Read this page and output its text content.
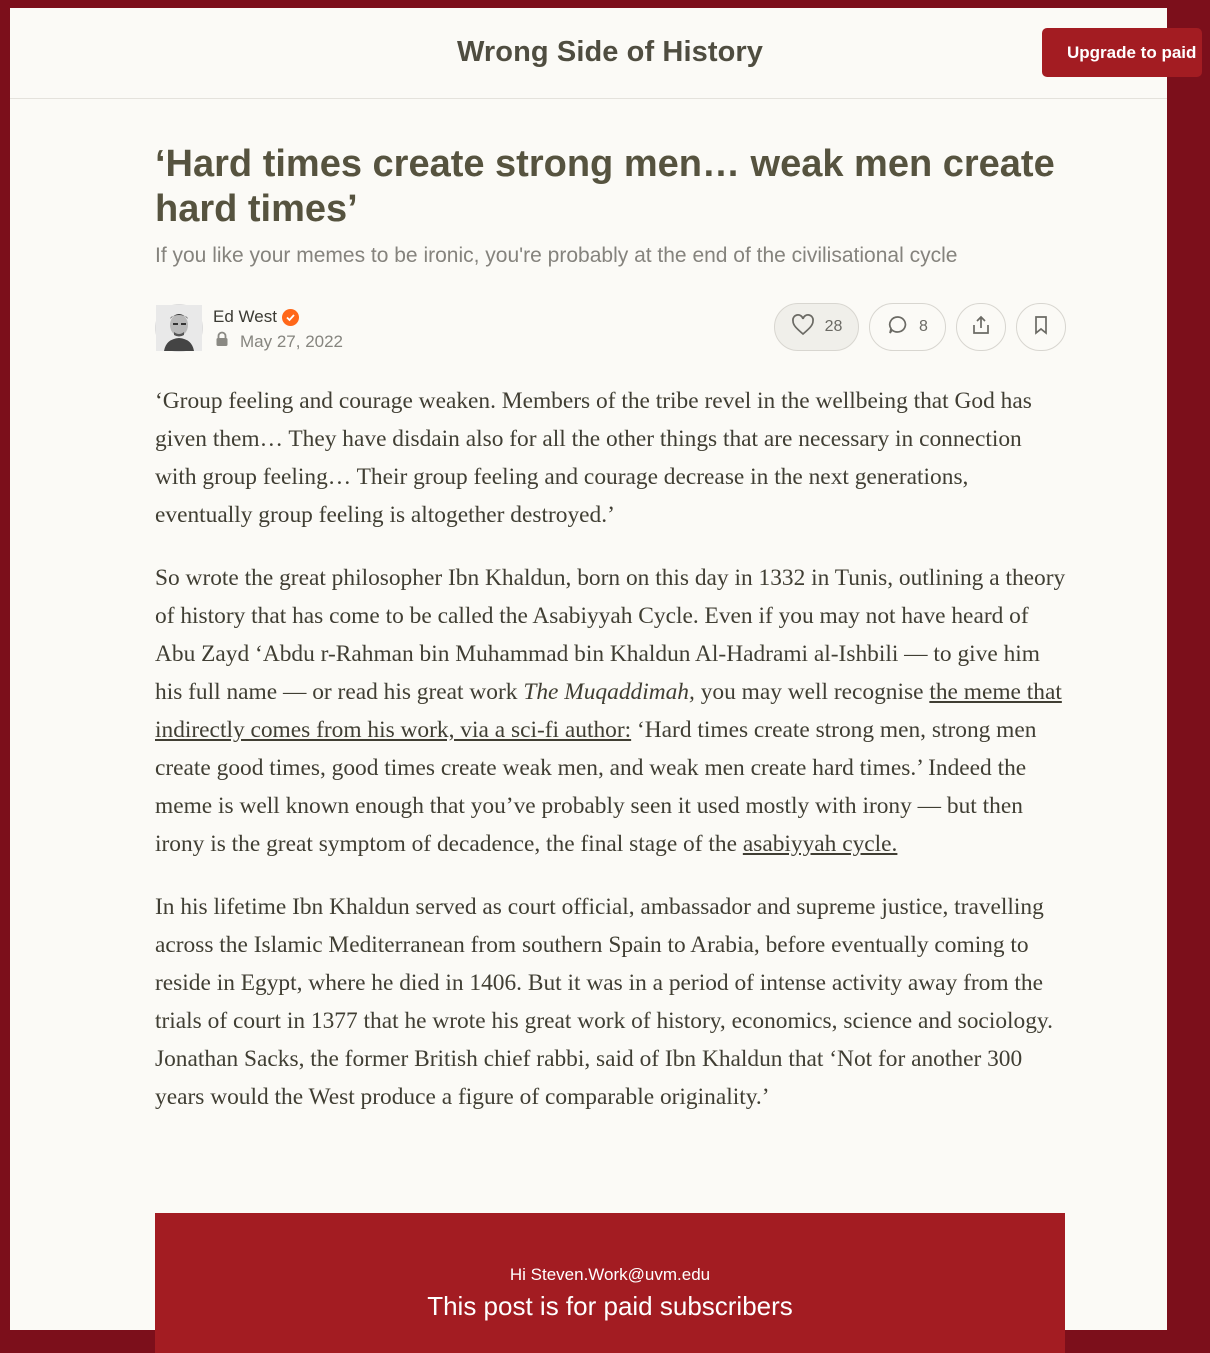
Wrong Side of History	Upgrade to paid
‘Hard times create strong men… weak men create hard times’
If you like your memes to be ironic, you're probably at the end of the civilisational cycle
Ed West
May 27, 2022
28	8

‘Group feeling and courage weaken. Members of the tribe revel in the wellbeing that God has given them… They have disdain also for all the other things that are necessary in connection with group feeling… Their group feeling and courage decrease in the next generations, eventually group feeling is altogether destroyed.’

So wrote the great philosopher Ibn Khaldun, born on this day in 1332 in Tunis, outlining a theory of history that has come to be called the Asabiyyah Cycle. Even if you may not have heard of Abu Zayd ‘Abdu r-Rahman bin Muhammad bin Khaldun Al-Hadrami al-Ishbili — to give him his full name — or read his great work The Muqaddimah, you may well recognise the meme that indirectly comes from his work, via a sci-fi author: ‘Hard times create strong men, strong men create good times, good times create weak men, and weak men create hard times.’ Indeed the meme is well known enough that you’ve probably seen it used mostly with irony — but then irony is the great symptom of decadence, the final stage of the asabiyyah cycle.

In his lifetime Ibn Khaldun served as court official, ambassador and supreme justice, travelling across the Islamic Mediterranean from southern Spain to Arabia, before eventually coming to reside in Egypt, where he died in 1406. But it was in a period of intense activity away from the trials of court in 1377 that he wrote his great work of history, economics, science and sociology. Jonathan Sacks, the former British chief rabbi, said of Ibn Khaldun that ‘Not for another 300 years would the West produce a figure of comparable originality.’

Hi Steven.Work@uvm.edu
This post is for paid subscribers
